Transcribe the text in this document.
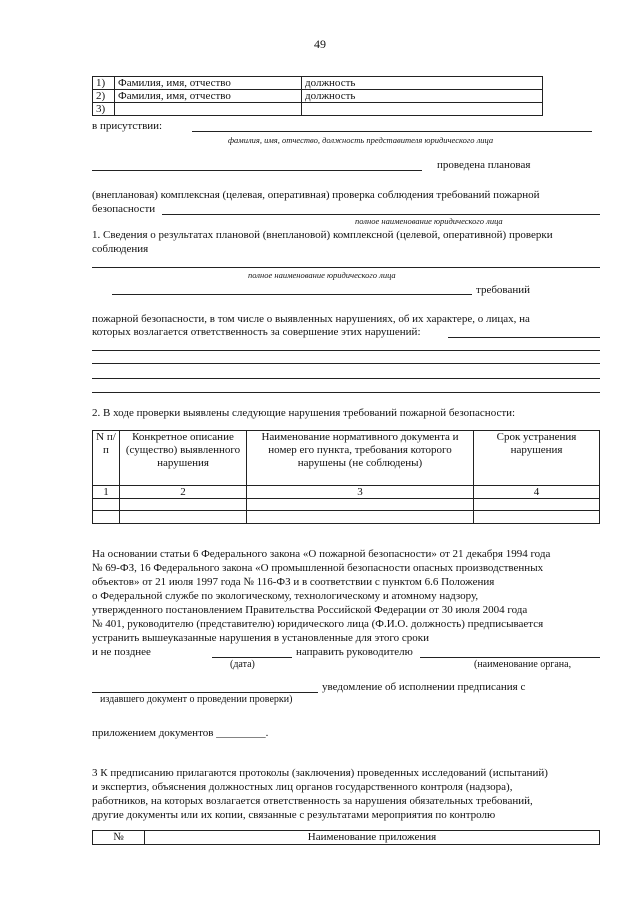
49
1)	Фамилия, имя, отчество	должность
2)	Фамилия, имя, отчество	должность
3)		
в присутствии:
фамилия, имя, отчество, должность представителя юридического лица
проведена плановая
(внеплановая) комплексная (целевая, оперативная) проверка соблюдения требований пожарной
безопасности
полное наименование юридического лица
1. Сведения о результатах плановой (внеплановой) комплексной (целевой, оперативной) проверки
соблюдения
полное наименование юридического лица
требований
пожарной безопасности, в том числе о выявленных нарушениях, об их характере, о лицах, на
которых возлагается ответственность за совершение этих нарушений:
2. В ходе проверки выявлены следующие нарушения требований пожарной безопасности:
N п/п	Конкретное описание (существо) выявленного нарушения	Наименование нормативного документа и номер его пункта, требования которого нарушены (не соблюдены)	Срок устранения нарушения
1	2	3	4

На основании статьи 6 Федерального закона «О пожарной безопасности» от 21 декабря 1994 года
№ 69-ФЗ, 16 Федерального закона «О промышленной безопасности опасных производственных
объектов» от 21 июля 1997 года № 116-ФЗ и в соответствии с пунктом 6.6 Положения
о Федеральной службе по экологическому, технологическому и атомному надзору,
утвержденного постановлением Правительства Российской Федерации от 30 июля 2004 года
№ 401, руководителю (представителю) юридического лица (Ф.И.О. должность) предписывается
устранить вышеуказанные нарушения в установленные для этого сроки
и не позднее	направить руководителю
(дата)	(наименование органа,
уведомление об исполнении предписания с
издавшего документ о проведении проверки)
приложением документов _________.
3 К предписанию прилагаются протоколы (заключения) проведенных исследований (испытаний)
и экспертиз, объяснения должностных лиц органов государственного контроля (надзора),
работников, на которых возлагается ответственность за нарушения обязательных требований,
другие документы или их копии, связанные с результатами мероприятия по контролю
№	Наименование приложения
